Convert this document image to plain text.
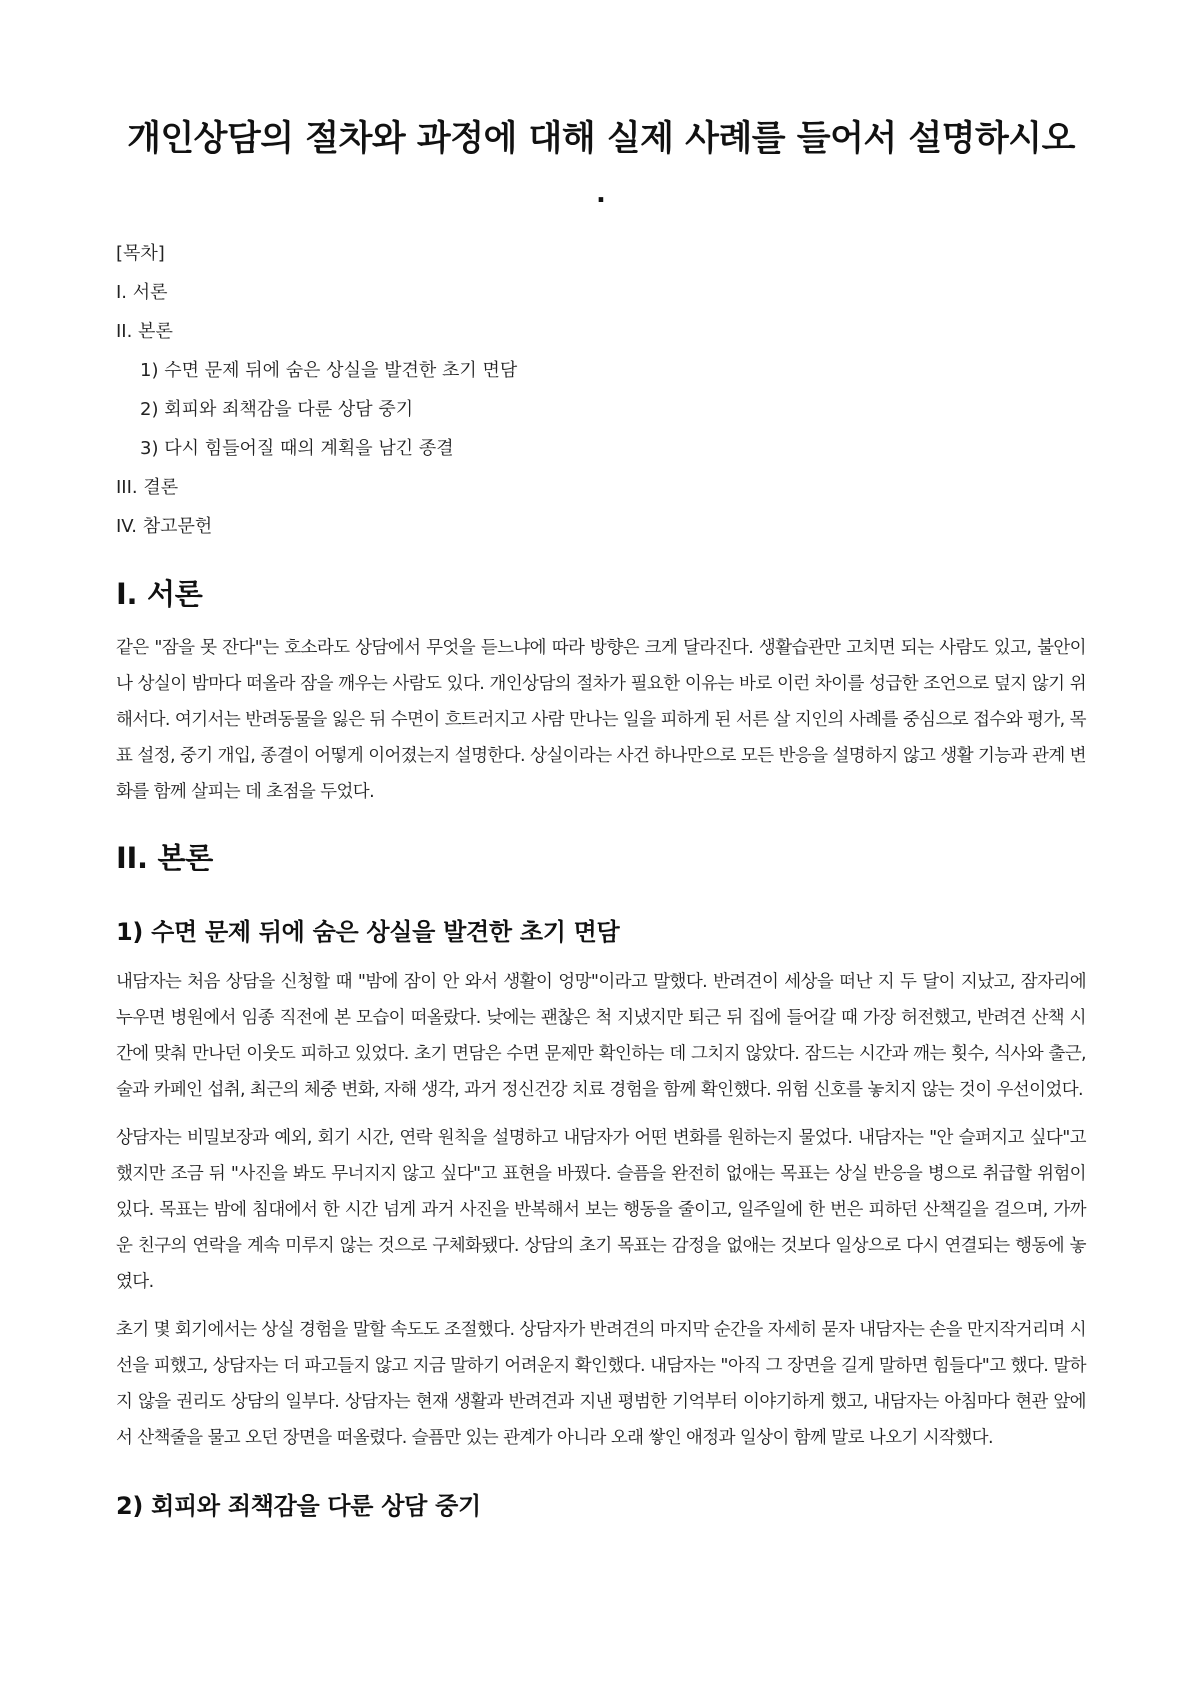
개인상담의 절차와 과정에 대해 실제 사례를 들어서 설명하시오
.
[목차]
I. 서론
II. 본론
1) 수면 문제 뒤에 숨은 상실을 발견한 초기 면담
2) 회피와 죄책감을 다룬 상담 중기
3) 다시 힘들어질 때의 계획을 남긴 종결
III. 결론
IV. 참고문헌
I. 서론

같은 "잠을 못 잔다"는 호소라도 상담에서 무엇을 듣느냐에 따라 방향은 크게 달라진다. 생활습관만 고치면 되는 사람도 있고, 불안이나 상실이 밤마다 떠올라 잠을 깨우는 사람도 있다. 개인상담의 절차가 필요한 이유는 바로 이런 차이를 성급한 조언으로 덮지 않기 위해서다. 여기서는 반려동물을 잃은 뒤 수면이 흐트러지고 사람 만나는 일을 피하게 된 서른 살 지인의 사례를 중심으로 접수와 평가, 목표 설정, 중기 개입, 종결이 어떻게 이어졌는지 설명한다. 상실이라는 사건 하나만으로 모든 반응을 설명하지 않고 생활 기능과 관계 변화를 함께 살피는 데 초점을 두었다.

II. 본론
1) 수면 문제 뒤에 숨은 상실을 발견한 초기 면담

내담자는 처음 상담을 신청할 때 "밤에 잠이 안 와서 생활이 엉망"이라고 말했다. 반려견이 세상을 떠난 지 두 달이 지났고, 잠자리에 누우면 병원에서 임종 직전에 본 모습이 떠올랐다. 낮에는 괜찮은 척 지냈지만 퇴근 뒤 집에 들어갈 때 가장 허전했고, 반려견 산책 시간에 맞춰 만나던 이웃도 피하고 있었다. 초기 면담은 수면 문제만 확인하는 데 그치지 않았다. 잠드는 시간과 깨는 횟수, 식사와 출근, 술과 카페인 섭취, 최근의 체중 변화, 자해 생각, 과거 정신건강 치료 경험을 함께 확인했다. 위험 신호를 놓치지 않는 것이 우선이었다.

상담자는 비밀보장과 예외, 회기 시간, 연락 원칙을 설명하고 내담자가 어떤 변화를 원하는지 물었다. 내담자는 "안 슬퍼지고 싶다"고 했지만 조금 뒤 "사진을 봐도 무너지지 않고 싶다"고 표현을 바꿨다. 슬픔을 완전히 없애는 목표는 상실 반응을 병으로 취급할 위험이 있다. 목표는 밤에 침대에서 한 시간 넘게 과거 사진을 반복해서 보는 행동을 줄이고, 일주일에 한 번은 피하던 산책길을 걸으며, 가까운 친구의 연락을 계속 미루지 않는 것으로 구체화됐다. 상담의 초기 목표는 감정을 없애는 것보다 일상으로 다시 연결되는 행동에 놓였다.

초기 몇 회기에서는 상실 경험을 말할 속도도 조절했다. 상담자가 반려견의 마지막 순간을 자세히 묻자 내담자는 손을 만지작거리며 시선을 피했고, 상담자는 더 파고들지 않고 지금 말하기 어려운지 확인했다. 내담자는 "아직 그 장면을 길게 말하면 힘들다"고 했다. 말하지 않을 권리도 상담의 일부다. 상담자는 현재 생활과 반려견과 지낸 평범한 기억부터 이야기하게 했고, 내담자는 아침마다 현관 앞에서 산책줄을 물고 오던 장면을 떠올렸다. 슬픔만 있는 관계가 아니라 오래 쌓인 애정과 일상이 함께 말로 나오기 시작했다.

2) 회피와 죄책감을 다룬 상담 중기
